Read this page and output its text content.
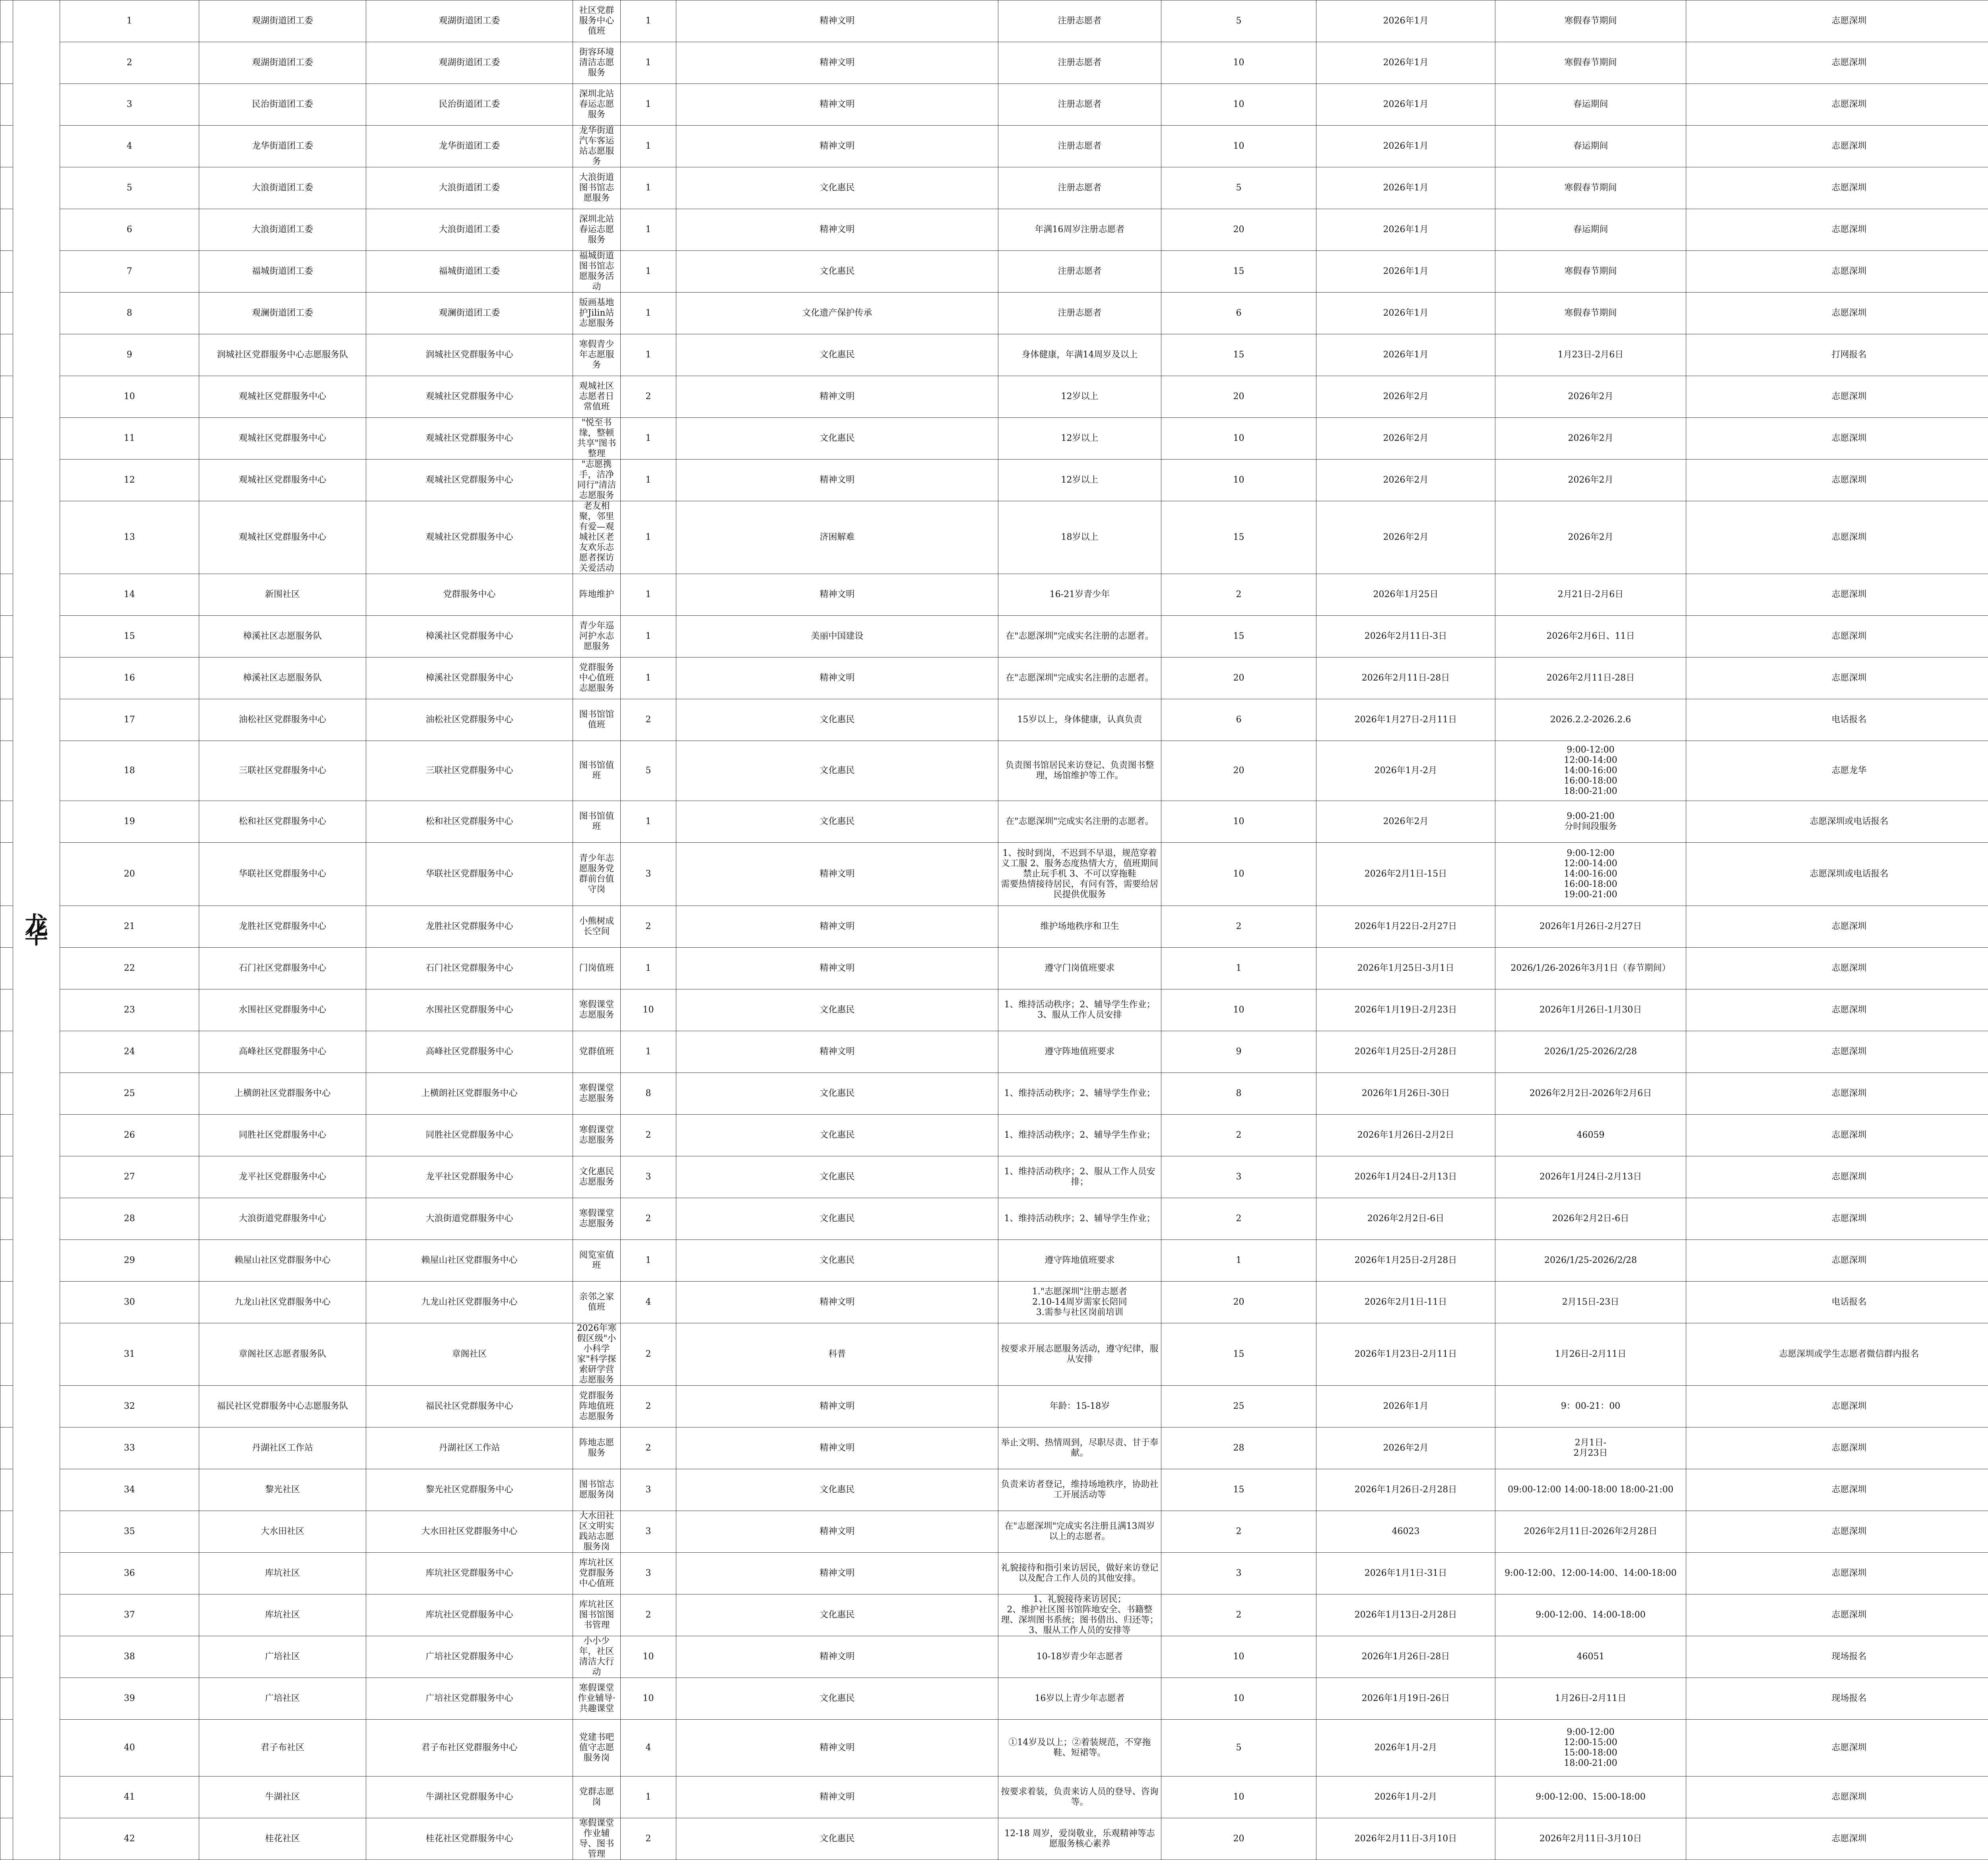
	龙华	1	观湖街道团工委	观湖街道团工委	社区党群服务中心值班	1	精神文明	注册志愿者	5	2026年1月	寒假春节期间	志愿深圳		
		2	观湖街道团工委	观湖街道团工委	街容环境清洁志愿服务	1	精神文明	注册志愿者	10	2026年1月	寒假春节期间	志愿深圳		
		3	民治街道团工委	民治街道团工委	深圳北站春运志愿服务	1	精神文明	注册志愿者	10	2026年1月	春运期间	志愿深圳		
		4	龙华街道团工委	龙华街道团工委	龙华街道汽车客运站志愿服务	1	精神文明	注册志愿者	10	2026年1月	春运期间	志愿深圳		
		5	大浪街道团工委	大浪街道团工委	大浪街道图书馆志愿服务	1	文化惠民	注册志愿者	5	2026年1月	寒假春节期间	志愿深圳		
		6	大浪街道团工委	大浪街道团工委	深圳北站春运志愿服务	1	精神文明	年满16周岁注册志愿者	20	2026年1月	春运期间	志愿深圳		
		7	福城街道团工委	福城街道团工委	福城街道图书馆志愿服务活动	1	文化惠民	注册志愿者	15	2026年1月	寒假春节期间	志愿深圳		
		8	观澜街道团工委	观澜街道团工委	版画基地护Jilin站志愿服务	1	文化遗产保护传承	注册志愿者	6	2026年1月	寒假春节期间	志愿深圳		
		9	润城社区党群服务中心志愿服务队	润城社区党群服务中心	寒假青少年志愿服务	1	文化惠民	身体健康，年满14周岁及以上	15	2026年1月	1月23日-2月6日	打网报名		
		10	观城社区党群服务中心	观城社区党群服务中心	观城社区志愿者日常值班	2	精神文明	12岁以上	20	2026年2月	2026年2月	志愿深圳		
		11	观城社区党群服务中心	观城社区党群服务中心	"悦至书缘，整顿共享"图书整理	1	文化惠民	12岁以上	10	2026年2月	2026年2月	志愿深圳		
		12	观城社区党群服务中心	观城社区党群服务中心	"志愿携手，洁净同行"清洁志愿服务	1	精神文明	12岁以上	10	2026年2月	2026年2月	志愿深圳		
		13	观城社区党群服务中心	观城社区党群服务中心	老友相聚，邻里有爱—观城社区老友欢乐志愿者探访关爱活动	1	济困解难	18岁以上	15	2026年2月	2026年2月	志愿深圳		
		14	新围社区	党群服务中心	阵地维护	1	精神文明	16-21岁青少年	2	2026年1月25日	2月21日-2月6日	志愿深圳		
		15	樟溪社区志愿服务队	樟溪社区党群服务中心	青少年巡河护水志愿服务	1	美丽中国建设	在"志愿深圳"完成实名注册的志愿者。	15	2026年2月11日-3日	2026年2月6日、11日	志愿深圳		
		16	樟溪社区志愿服务队	樟溪社区党群服务中心	党群服务中心值班志愿服务	1	精神文明	在"志愿深圳"完成实名注册的志愿者。	20	2026年2月11日-28日	2026年2月11日-28日	志愿深圳		
		17	油松社区党群服务中心	油松社区党群服务中心	图书馆馆值班	2	文化惠民	15岁以上，身体健康，认真负责	6	2026年1月27日-2月11日	2026.2.2-2026.2.6	电话报名		
		18	三联社区党群服务中心	三联社区党群服务中心	图书馆值班	5	文化惠民	负责图书馆居民来访登记、负责图书整理，场馆维护等工作。	20	2026年1月-2月	9:00-12:00
12:00-14:00
14:00-16:00
16:00-18:00
18:00-21:00	志愿龙华		
		19	松和社区党群服务中心	松和社区党群服务中心	图书馆值班	1	文化惠民	在"志愿深圳"完成实名注册的志愿者。	10	2026年2月	9:00-21:00
分时间段服务	志愿深圳或电话报名		
		20	华联社区党群服务中心	华联社区党群服务中心	青少年志愿服务党群前台值守岗	3	精神文明	1、按时到岗，不迟到不早退，规范穿着义工服 2、服务态度热情大方，值班期间禁止玩手机 3、不可以穿拖鞋
需要热情接待居民，有问有答，需要给居民提供优服务	10	2026年2月1日-15日	9:00-12:00
12:00-14:00
14:00-16:00
16:00-18:00
19:00-21:00	志愿深圳或电话报名		
		21	龙胜社区党群服务中心	龙胜社区党群服务中心	小熊树成长空间	2	精神文明	维护场地秩序和卫生	2	2026年1月22日-2月27日	2026年1月26日-2月27日	志愿深圳		
		22	石门社区党群服务中心	石门社区党群服务中心	门岗值班	1	精神文明	遵守门岗值班要求	1	2026年1月25日-3月1日	2026/1/26-2026年3月1日（春节期间）	志愿深圳		
		23	水围社区党群服务中心	水围社区党群服务中心	寒假课堂志愿服务	10	文化惠民	1、维持活动秩序；2、辅导学生作业；3、服从工作人员安排	10	2026年1月19日-2月23日	2026年1月26日-1月30日	志愿深圳		
		24	高峰社区党群服务中心	高峰社区党群服务中心	党群值班	1	精神文明	遵守阵地值班要求	9	2026年1月25日-2月28日	2026/1/25-2026/2/28	志愿深圳		
		25	上横朗社区党群服务中心	上横朗社区党群服务中心	寒假课堂志愿服务	8	文化惠民	1、维持活动秩序；2、辅导学生作业；	8	2026年1月26日-30日	2026年2月2日-2026年2月6日	志愿深圳		
		26	同胜社区党群服务中心	同胜社区党群服务中心	寒假课堂志愿服务	2	文化惠民	1、维持活动秩序；2、辅导学生作业；	2	2026年1月26日-2月2日	46059	志愿深圳		
		27	龙平社区党群服务中心	龙平社区党群服务中心	文化惠民志愿服务	3	文化惠民	1、维持活动秩序；2、服从工作人员安排；	3	2026年1月24日-2月13日	2026年1月24日-2月13日	志愿深圳		
		28	大浪街道党群服务中心	大浪街道党群服务中心	寒假课堂志愿服务	2	文化惠民	1、维持活动秩序；2、辅导学生作业；	2	2026年2月2日-6日	2026年2月2日-6日	志愿深圳		
		29	赖屋山社区党群服务中心	赖屋山社区党群服务中心	阅览室值班	1	文化惠民	遵守阵地值班要求	1	2026年1月25日-2月28日	2026/1/25-2026/2/28	志愿深圳		
		30	九龙山社区党群服务中心	九龙山社区党群服务中心	亲邻之家值班	4	精神文明	1."志愿深圳"注册志愿者
2.10-14周岁需家长陪同
3.需参与社区岗前培训	20	2026年2月1日-11日	2月15日-23日	电话报名		
		31	章阁社区志愿者服务队	章阁社区	2026年寒假区级"小小科学家"科学探索研学营志愿服务	2	科普	按要求开展志愿服务活动，遵守纪律，服从安排	15	2026年1月23日-2月11日	1月26日-2月11日	志愿深圳或学生志愿者微信群内报名		
		32	福民社区党群服务中心志愿服务队	福民社区党群服务中心	党群服务阵地值班志愿服务	2	精神文明	年龄：15-18岁	25	2026年1月	9：00-21：00	志愿深圳		
		33	丹湖社区工作站	丹湖社区工作站	阵地志愿服务	2	精神文明	举止文明、热情周到，尽职尽责、甘于奉献。	28	2026年2月	2月1日-
2月23日	志愿深圳		
		34	黎光社区	黎光社区党群服务中心	图书馆志愿服务岗	3	文化惠民	负责来访者登记，维持场地秩序，协助社工开展活动等	15	2026年1月26日-2月28日	09:00-12:00 14:00-18:00 18:00-21:00	志愿深圳		
		35	大水田社区	大水田社区党群服务中心	大水田社区文明实践站志愿服务岗	3	精神文明	在"志愿深圳"完成实名注册且满13周岁以上的志愿者。	2	46023	2026年2月11日-2026年2月28日	志愿深圳		
		36	库坑社区	库坑社区党群服务中心	库坑社区党群服务中心值班	3	精神文明	礼貌接待和指引来访居民，做好来访登记以及配合工作人员的其他安排。	3	2026年1月1日-31日	9:00-12:00、12:00-14:00、14:00-18:00	志愿深圳		
		37	库坑社区	库坑社区党群服务中心	库坑社区图书馆图书管理	2	文化惠民	1、礼貌接待来访居民；
2、维护社区图书馆阵地安全、书籍整理、深圳图书系统；图书借出、归还等；
3、服从工作人员的安排等	2	2026年1月13日-2月28日	9:00-12:00、14:00-18:00	志愿深圳		
		38	广培社区	广培社区党群服务中心	小小少年，社区清洁大行动	10	精神文明	10-18岁青少年志愿者	10	2026年1月26日-28日	46051	现场报名		
		39	广培社区	广培社区党群服务中心	寒假课堂作业辅导·共趣课堂	10	文化惠民	16岁以上青少年志愿者	10	2026年1月19日-26日	1月26日-2月11日	现场报名		
		40	君子布社区	君子布社区党群服务中心	党建书吧值守志愿服务岗	4	精神文明	①14岁及以上；②着装规范，不穿拖鞋、短裙等。	5	2026年1月-2月	9:00-12:00
12:00-15:00
15:00-18:00
18:00-21:00	志愿深圳		
		41	牛湖社区	牛湖社区党群服务中心	党群志愿岗	1	精神文明	按要求着装，负责来访人员的登导、咨询等。	10	2026年1月-2月	9:00-12:00、15:00-18:00	志愿深圳		
		42	桂花社区	桂花社区党群服务中心	寒假课堂作业辅导、图书管理	2	文化惠民	12-18 周岁，爱岗敬业，乐观精神等志愿服务核心素养	20	2026年2月11日-3月10日	2026年2月11日-3月10日	志愿深圳		
